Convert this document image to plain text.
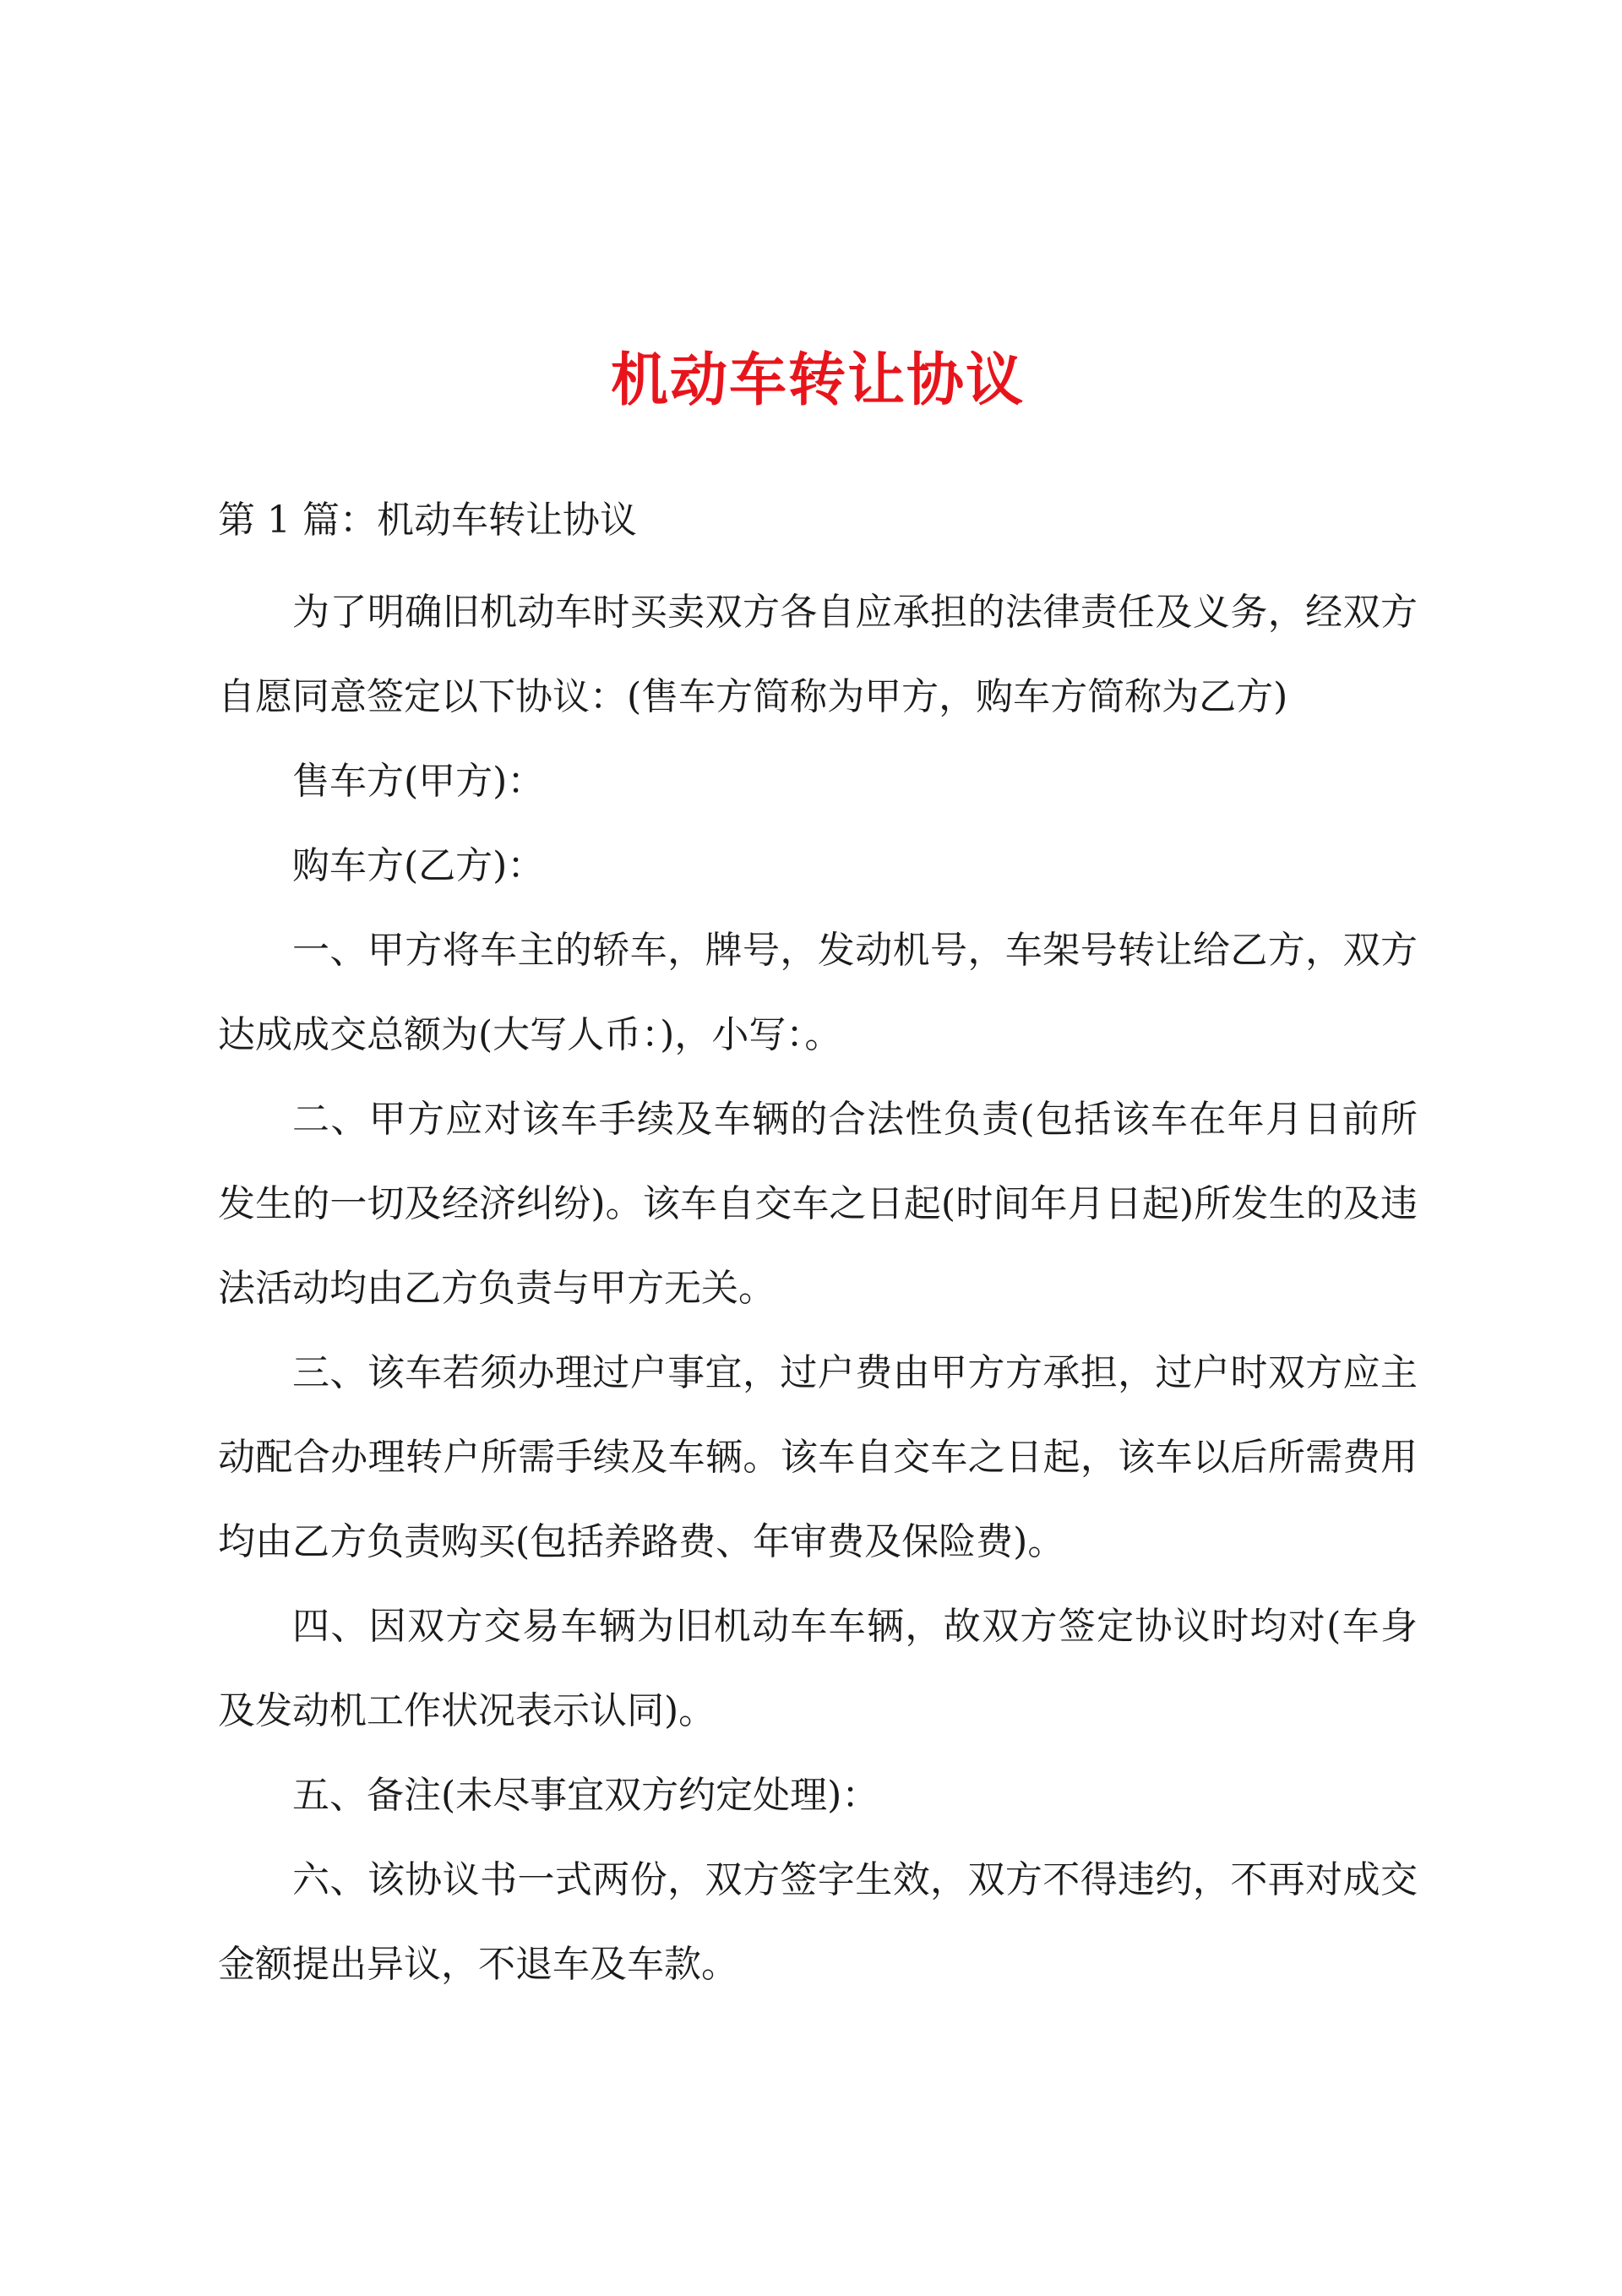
机动车转让协议

第 1 篇：机动车转让协议

为了明确旧机动车时买卖双方各自应承担的法律责任及义务，经双方自愿同意签定以下协议：(售车方简称为甲方，购车方简称为乙方)

售车方(甲方)：

购车方(乙方)：

一、甲方将车主的轿车，牌号，发动机号，车架号转让给乙方，双方达成成交总额为(大写人币：)，小写：。

二、甲方应对该车手续及车辆的合法性负责(包括该车在年月日前所发生的一切及经济纠纷)。该车自交车之日起(时间年月日起)所发生的及违法活动均由乙方负责与甲方无关。

三、该车若须办理过户事宜，过户费由甲方方承担，过户时双方应主动配合办理转户所需手续及车辆。该车自交车之日起，该车以后所需费用均由乙方负责购买(包括养路费、年审费及保险费)。

四、因双方交易车辆为旧机动车车辆，故双方签定协议时均对(车身及发动机工作状况表示认同)。

五、备注(未尽事宜双方约定处理)：

六、该协议书一式两份，双方签字生效，双方不得违约，不再对成交金额提出异议，不退车及车款。
